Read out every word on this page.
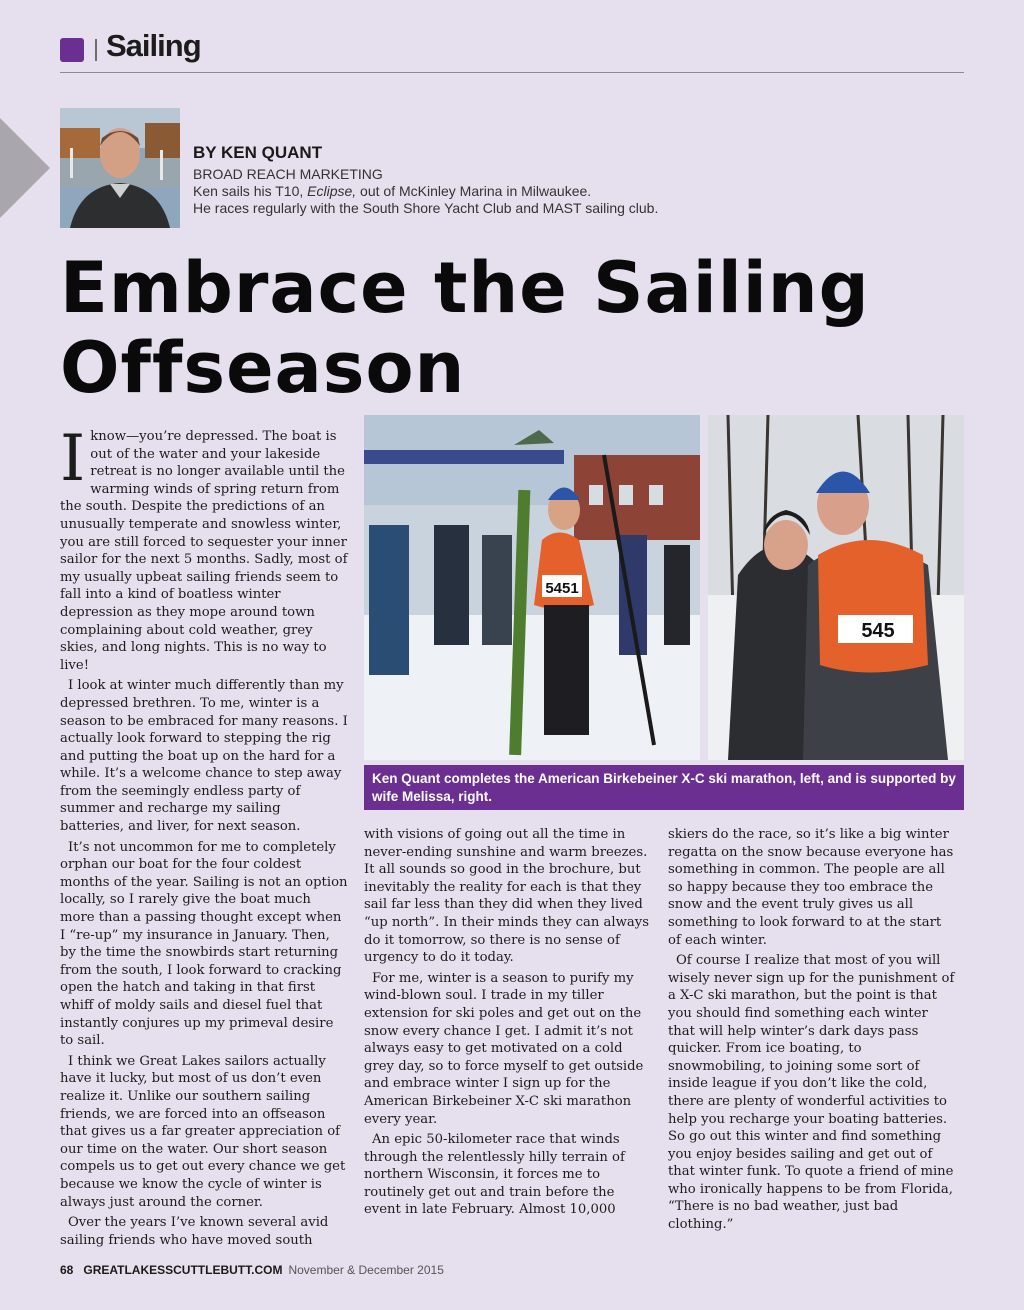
Sailing
BY KEN QUANT
BROAD REACH MARKETING
Ken sails his T10, Eclipse, out of McKinley Marina in Milwaukee.
He races regularly with the South Shore Yacht Club and MAST sailing club.
Embrace the Sailing
Offseason

Iknow—you’re depressed. The boat is out of the water and your lakeside retreat is no longer available until the warming winds of spring return from the south. Despite the predictions of an unusually temperate and snowless winter, you are still forced to sequester your inner sailor for the next 5 months. Sadly, most of my usually upbeat sailing friends seem to fall into a kind of boatless winter depression as they mope around town complaining about cold weather, grey skies, and long nights. This is no way to live!

I look at winter much differently than my depressed brethren. To me, winter is a season to be embraced for many reasons. I actually look forward to stepping the rig and putting the boat up on the hard for a while. It’s a welcome chance to step away from the seemingly endless party of summer and recharge my sailing batteries, and liver, for next season.

It’s not uncommon for me to completely orphan our boat for the four coldest months of the year. Sailing is not an option locally, so I rarely give the boat much more than a passing thought except when I “re-up” my insurance in January. Then, by the time the snowbirds start returning from the south, I look forward to cracking open the hatch and taking in that first whiff of moldy sails and diesel fuel that instantly conjures up my primeval desire to sail.

I think we Great Lakes sailors actually have it lucky, but most of us don’t even realize it. Unlike our southern sailing friends, we are forced into an offseason that gives us a far greater appreciation of our time on the water. Our short season compels us to get out every chance we get because we know the cycle of winter is always just around the corner.

Over the years I’ve known several avid sailing friends who have moved south

5451
545
Ken Quant completes the American Birkebeiner X-C ski marathon, left, and is supported by wife Melissa, right.

with visions of going out all the time in never-ending sunshine and warm breezes. It all sounds so good in the brochure, but inevitably the reality for each is that they sail far less than they did when they lived “up north”. In their minds they can always do it tomorrow, so there is no sense of urgency to do it today.

For me, winter is a season to purify my wind-blown soul. I trade in my tiller extension for ski poles and get out on the snow every chance I get. I admit it’s not always easy to get motivated on a cold grey day, so to force myself to get outside and embrace winter I sign up for the American Birkebeiner X-C ski marathon every year.

An epic 50-kilometer race that winds through the relentlessly hilly terrain of northern Wisconsin, it forces me to routinely get out and train before the event in late February. Almost 10,000

skiers do the race, so it’s like a big winter regatta on the snow because everyone has something in common. The people are all so happy because they too embrace the snow and the event truly gives us all something to look forward to at the start of each winter.

Of course I realize that most of you will wisely never sign up for the punishment of a X-C ski marathon, but the point is that you should find something each winter that will help winter’s dark days pass quicker. From ice boating, to snowmobiling, to joining some sort of inside league if you don’t like the cold, there are plenty of wonderful activities to help you recharge your boating batteries. So go out this winter and find something you enjoy besides sailing and get out of that winter funk. To quote a friend of mine who ironically happens to be from Florida, “There is no bad weather, just bad clothing.”

68 GREATLAKESSCUTTLEBUTT.COM November & December 2015
